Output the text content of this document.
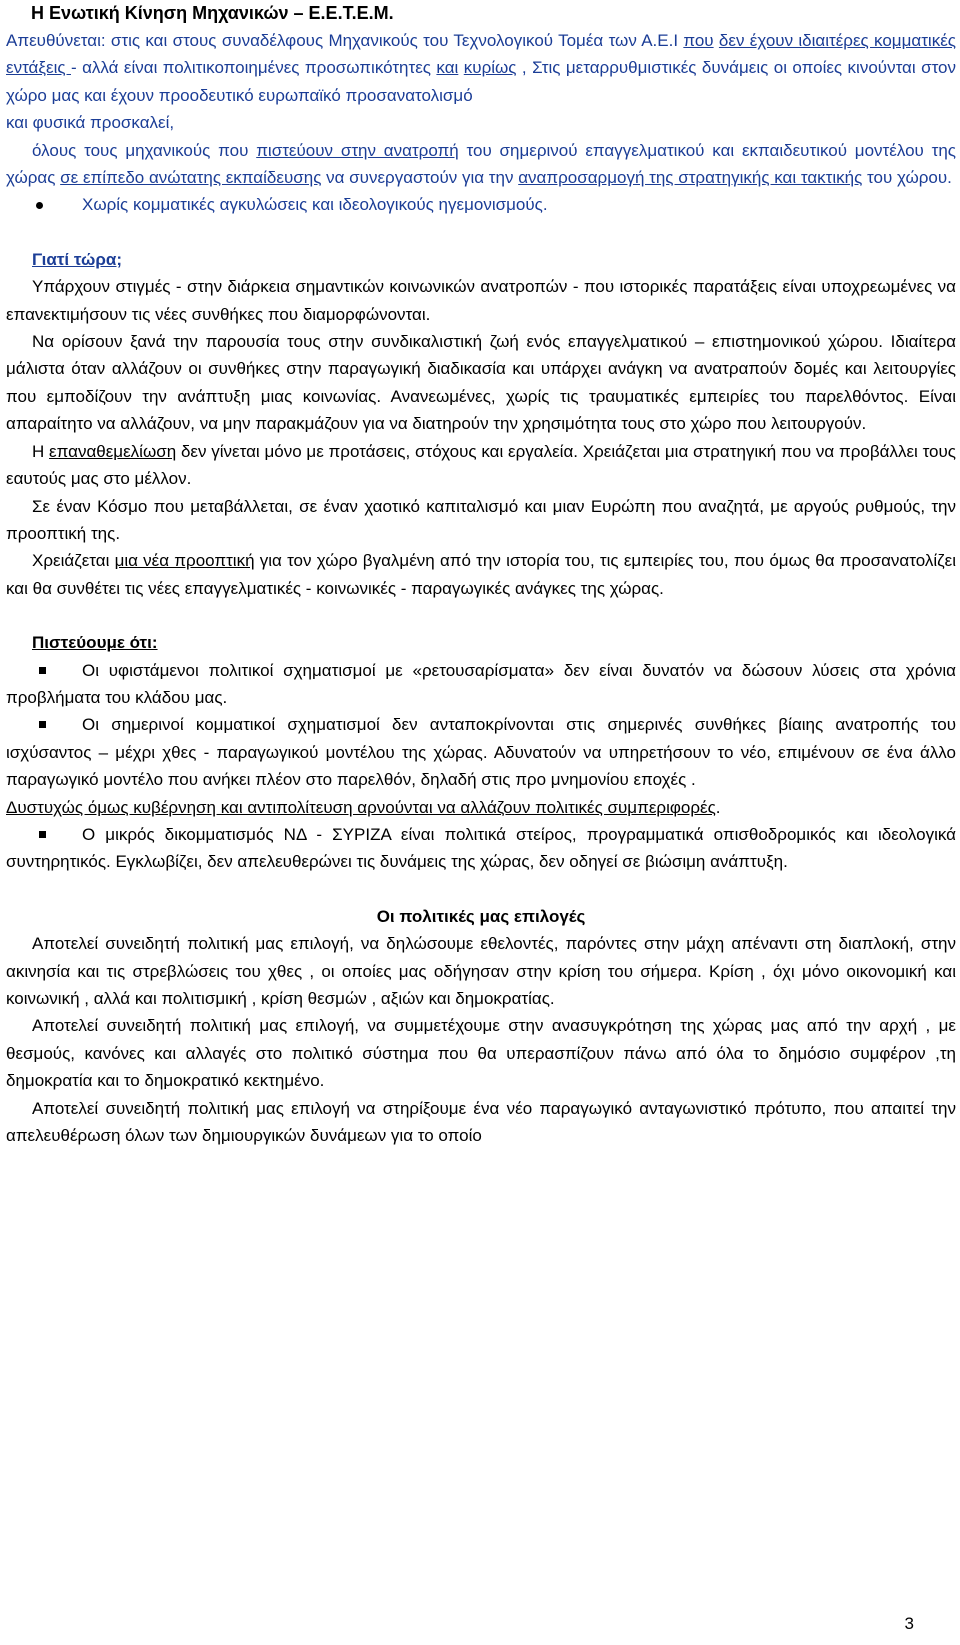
Η Ενωτική Κίνηση Μηχανικών – Ε.Ε.Τ.Ε.Μ.

Απευθύνεται: στις και στους συναδέλφους Μηχανικούς του Τεχνολογικού Τομέα των Α.Ε.Ι που δεν έχουν ιδιαιτέρες κομματικές εντάξεις - αλλά είναι πολιτικοποιημένες προσωπικότητες και κυρίως , Στις μεταρρυθμιστικές δυνάμεις οι οποίες κινούνται στον χώρο μας και έχουν προοδευτικό ευρωπαϊκό προσανατολισμό

και φυσικά προσκαλεί,

όλους τους μηχανικούς που πιστεύουν στην ανατροπή του σημερινού επαγγελματικού και εκπαιδευτικού μοντέλου της χώρας σε επίπεδο ανώτατης εκπαίδευσης να συνεργαστούν για την αναπροσαρμογή της στρατηγικής και τακτικής του χώρου.

Χωρίς κομματικές αγκυλώσεις και ιδεολογικούς ηγεμονισμούς.

Γιατί τώρα;

Υπάρχουν στιγμές - στην διάρκεια σημαντικών κοινωνικών ανατροπών - που ιστορικές παρατάξεις είναι υποχρεωμένες να επανεκτιμήσουν τις νέες συνθήκες που διαμορφώνονται.

Να ορίσουν ξανά την παρουσία τους στην συνδικαλιστική ζωή ενός επαγγελματικού – επιστημονικού χώρου. Ιδιαίτερα μάλιστα όταν αλλάζουν οι συνθήκες στην παραγωγική διαδικασία και υπάρχει ανάγκη να ανατραπούν δομές και λειτουργίες που εμποδίζουν την ανάπτυξη μιας κοινωνίας. Ανανεωμένες, χωρίς τις τραυματικές εμπειρίες του παρελθόντος. Είναι απαραίτητο να αλλάζουν, να μην παρακμάζουν για να διατηρούν την χρησιμότητα τους στο χώρο που λειτουργούν.

Η επαναθεμελίωση δεν γίνεται μόνο με προτάσεις, στόχους και εργαλεία. Χρειάζεται μια στρατηγική που να προβάλλει τους εαυτούς μας στο μέλλον.

Σε έναν Κόσμο που μεταβάλλεται, σε έναν χαοτικό καπιταλισμό και μιαν Ευρώπη που αναζητά, με αργούς ρυθμούς, την προοπτική της.

Χρειάζεται μια νέα προοπτική για τον χώρο βγαλμένη από την ιστορία του, τις εμπειρίες του, που όμως θα προσανατολίζει και θα συνθέτει τις νέες επαγγελματικές - κοινωνικές - παραγωγικές ανάγκες της χώρας.

Πιστεύουμε ότι:

Οι υφιστάμενοι πολιτικοί σχηματισμοί με «ρετουσαρίσματα» δεν είναι δυνατόν να δώσουν λύσεις στα χρόνια προβλήματα του κλάδου μας.

Οι σημερινοί κομματικοί σχηματισμοί δεν ανταποκρίνονται στις σημερινές συνθήκες βίαιης ανατροπής του ισχύσαντος – μέχρι χθες - παραγωγικού μοντέλου της χώρας. Αδυνατούν να υπηρετήσουν το νέο, επιμένουν σε ένα άλλο παραγωγικό μοντέλο που ανήκει πλέον στο παρελθόν, δηλαδή στις προ μνημονίου εποχές .

Δυστυχώς όμως κυβέρνηση και αντιπολίτευση αρνούνται να αλλάζουν πολιτικές συμπεριφορές.

Ο μικρός δικομματισμός ΝΔ - ΣΥΡΙΖΑ είναι πολιτικά στείρος, προγραμματικά οπισθοδρομικός και ιδεολογικά συντηρητικός. Εγκλωβίζει, δεν απελευθερώνει τις δυνάμεις της χώρας, δεν οδηγεί σε βιώσιμη ανάπτυξη.

Οι πολιτικές μας επιλογές

Αποτελεί συνειδητή πολιτική μας επιλογή, να δηλώσουμε εθελοντές, παρόντες στην μάχη απέναντι στη διαπλοκή, στην ακινησία και τις στρεβλώσεις του χθες , οι οποίες μας οδήγησαν στην κρίση του σήμερα. Κρίση , όχι μόνο οικονομική και κοινωνική , αλλά και πολιτισμική , κρίση θεσμών , αξιών και δημοκρατίας.

Αποτελεί συνειδητή πολιτική μας επιλογή, να συμμετέχουμε στην ανασυγκρότηση της χώρας μας από την αρχή , με θεσμούς, κανόνες και αλλαγές στο πολιτικό σύστημα που θα υπερασπίζουν πάνω από όλα το δημόσιο συμφέρον ,τη δημοκρατία και το δημοκρατικό κεκτημένο.

Αποτελεί συνειδητή πολιτική μας επιλογή να στηρίξουμε ένα νέο παραγωγικό ανταγωνιστικό πρότυπο, που απαιτεί την απελευθέρωση όλων των δημιουργικών δυνάμεων για το οποίο

3
